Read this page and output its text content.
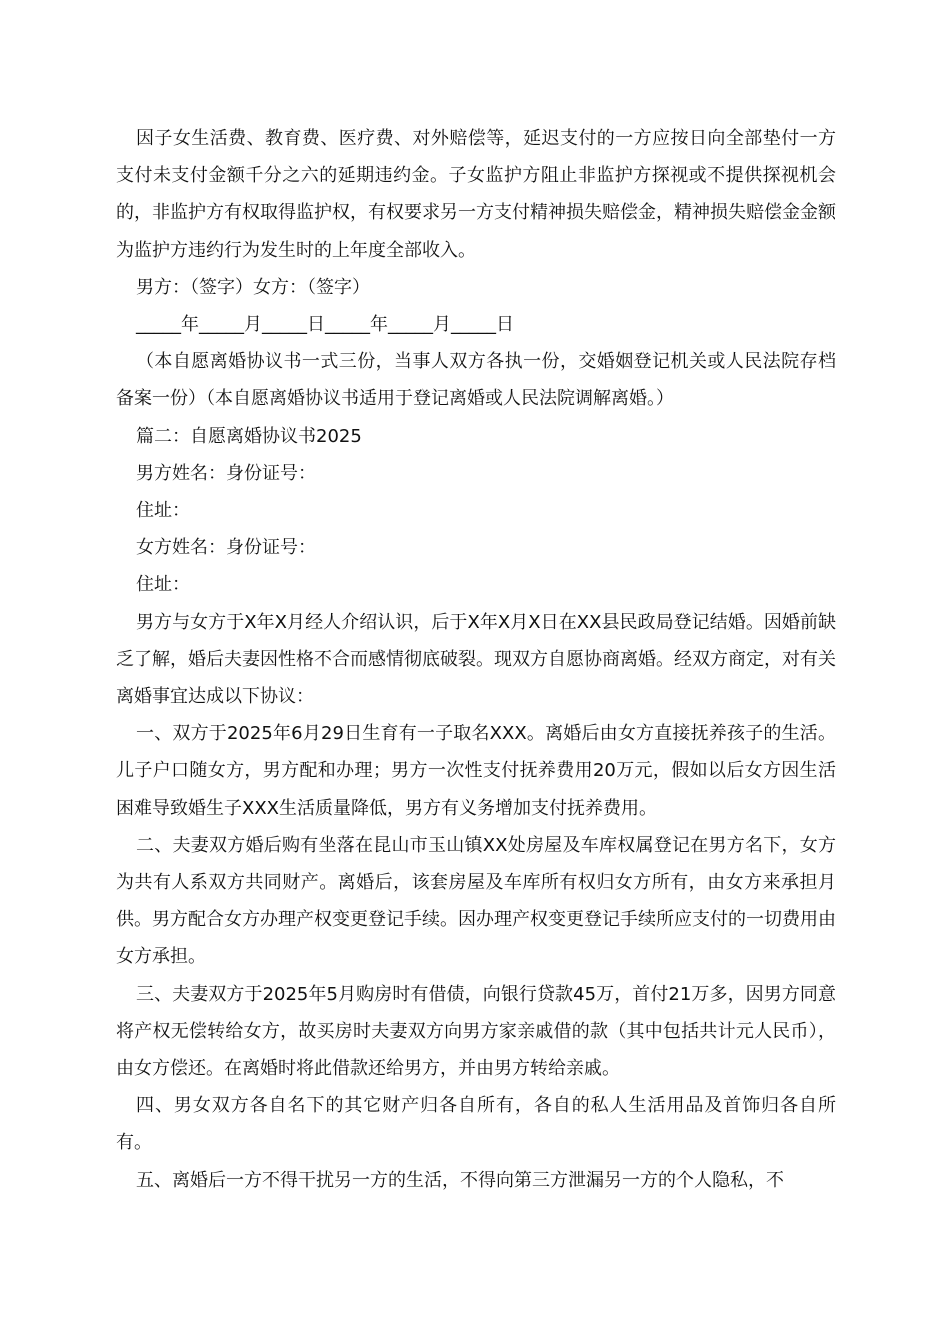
因子女生活费、教育费、医疗费、对外赔偿等，延迟支付的一方应按日向全部垫付一方支付未支付金额千分之六的延期违约金。子女监护方阻止非监护方探视或不提供探视机会的，非监护方有权取得监护权，有权要求另一方支付精神损失赔偿金，精神损失赔偿金金额为监护方违约行为发生时的上年度全部收入。

男方：（签字）女方：（签字）

_____年_____月_____日_____年_____月_____日

（本自愿离婚协议书一式三份，当事人双方各执一份，交婚姻登记机关或人民法院存档备案一份）（本自愿离婚协议书适用于登记离婚或人民法院调解离婚。）

篇二：自愿离婚协议书2025

男方姓名：身份证号：

住址：

女方姓名：身份证号：

住址：

男方与女方于X年X月经人介绍认识，后于X年X月X日在XX县民政局登记结婚。因婚前缺乏了解，婚后夫妻因性格不合而感情彻底破裂。现双方自愿协商离婚。经双方商定，对有关离婚事宜达成以下协议：

一、双方于2025年6月29日生育有一子取名XXX。离婚后由女方直接抚养孩子的生活。儿子户口随女方，男方配和办理；男方一次性支付抚养费用20万元，假如以后女方因生活困难导致婚生子XXX生活质量降低，男方有义务增加支付抚养费用。

二、夫妻双方婚后购有坐落在昆山市玉山镇XX处房屋及车库权属登记在男方名下，女方为共有人系双方共同财产。离婚后，该套房屋及车库所有权归女方所有，由女方来承担月供。男方配合女方办理产权变更登记手续。因办理产权变更登记手续所应支付的一切费用由女方承担。

三、夫妻双方于2025年5月购房时有借债，向银行贷款45万，首付21万多，因男方同意将产权无偿转给女方，故买房时夫妻双方向男方家亲戚借的款（其中包括共计元人民币），由女方偿还。在离婚时将此借款还给男方，并由男方转给亲戚。

四、男女双方各自名下的其它财产归各自所有，各自的私人生活用品及首饰归各自所有。

五、离婚后一方不得干扰另一方的生活，不得向第三方泄漏另一方的个人隐私，不
